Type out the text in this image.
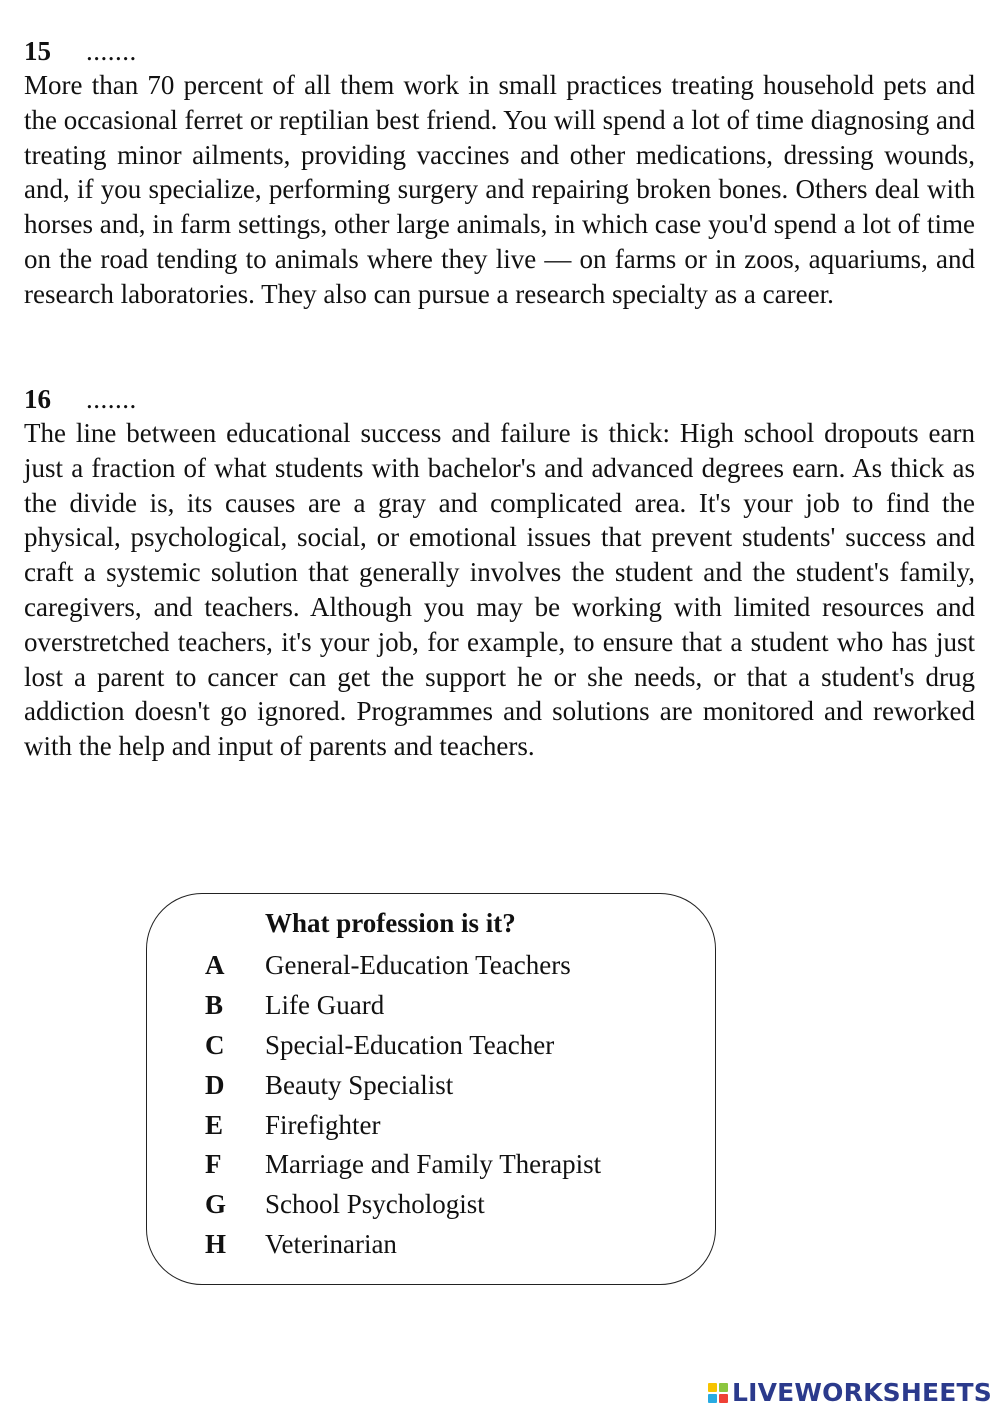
15 .......

More than 70 percent of all them work in small practices treating household pets and the occasional ferret or reptilian best friend. You will spend a lot of time diagnosing and treating minor ailments, providing vaccines and other medications, dressing wounds, and, if you specialize, performing surgery and repairing broken bones. Others deal with horses and, in farm settings, other large animals, in which case you'd spend a lot of time on the road tending to animals where they live — on farms or in zoos, aquariums, and research laboratories. They also can pursue a research specialty as a career.

16 .......

The line between educational success and failure is thick: High school dropouts earn just a fraction of what students with bachelor's and advanced degrees earn. As thick as the divide is, its causes are a gray and complicated area. It's your job to find the physical, psychological, social, or emotional issues that prevent students' success and craft a systemic solution that generally involves the student and the student's family, caregivers, and teachers. Although you may be working with limited resources and overstretched teachers, it's your job, for example, to ensure that a student who has just lost a parent to cancer can get the support he or she needs, or that a student's drug addiction doesn't go ignored. Programmes and solutions are monitored and reworked with the help and input of parents and teachers.

What profession is it?
A	General-Education Teachers
B	Life Guard
C	Special-Education Teacher
D	Beauty Specialist
E	Firefighter
F	Marriage and Family Therapist
G	School Psychologist
H	Veterinarian
LIVEWORKSHEETS
